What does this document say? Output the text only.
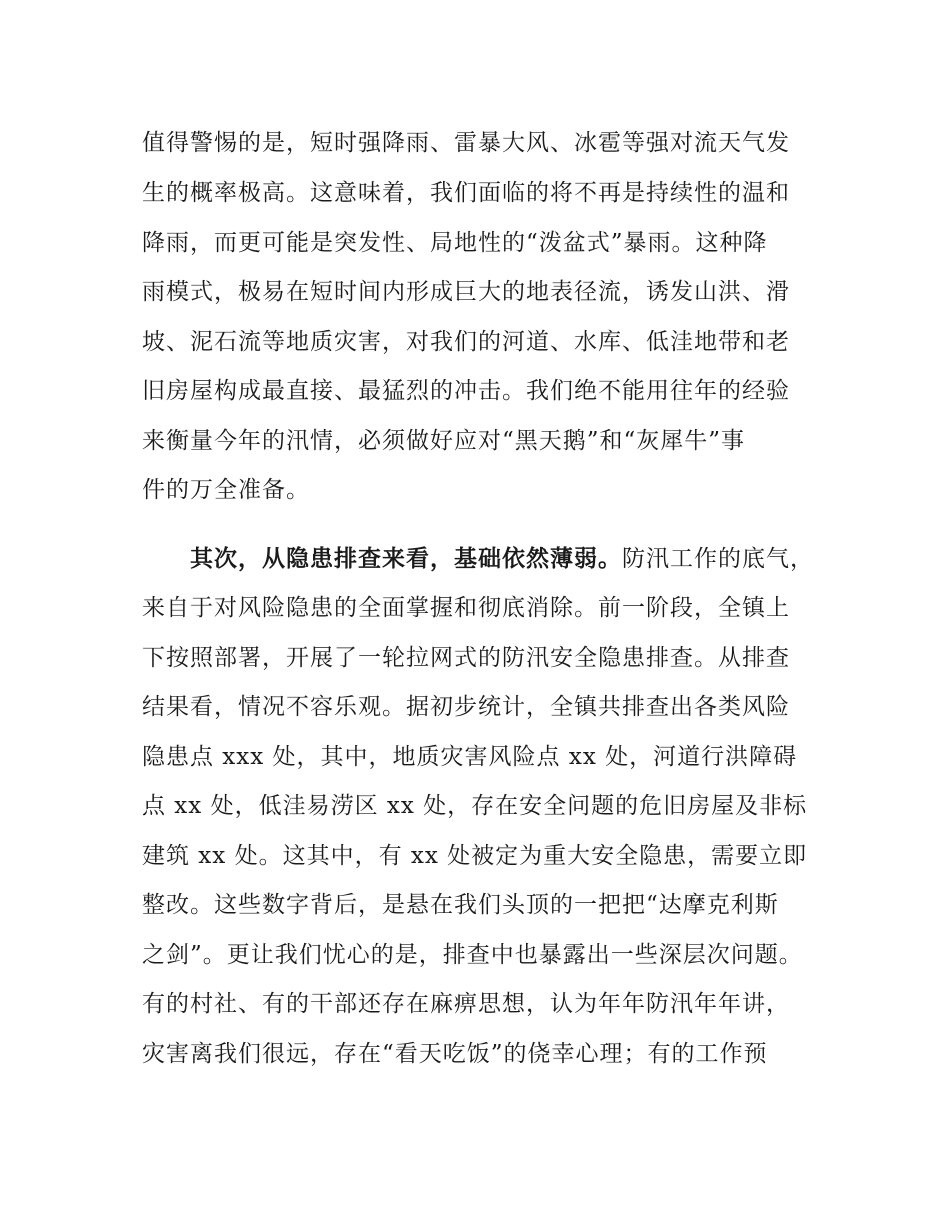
值得警惕的是，短时强降雨、雷暴大风、冰雹等强对流天气发
生的概率极高。这意味着，我们面临的将不再是持续性的温和
降雨，而更可能是突发性、局地性的“泼盆式”暴雨。这种降
雨模式，极易在短时间内形成巨大的地表径流，诱发山洪、滑
坡、泥石流等地质灾害，对我们的河道、水库、低洼地带和老
旧房屋构成最直接、最猛烈的冲击。我们绝不能用往年的经验
来衡量今年的汛情，必须做好应对“黑天鹅”和“灰犀牛”事
件的万全准备。
其次，从隐患排查来看，基础依然薄弱。防汛工作的底气，
来自于对风险隐患的全面掌握和彻底消除。前一阶段，全镇上
下按照部署，开展了一轮拉网式的防汛安全隐患排查。从排查
结果看，情况不容乐观。据初步统计，全镇共排查出各类风险
隐患点 xxx 处，其中，地质灾害风险点 xx 处，河道行洪障碍
点 xx 处，低洼易涝区 xx 处，存在安全问题的危旧房屋及非标
建筑 xx 处。这其中，有 xx 处被定为重大安全隐患，需要立即
整改。这些数字背后，是悬在我们头顶的一把把“达摩克利斯
之剑”。更让我们忧心的是，排查中也暴露出一些深层次问题。
有的村社、有的干部还存在麻痹思想，认为年年防汛年年讲，
灾害离我们很远，存在“看天吃饭”的侥幸心理；有的工作预
